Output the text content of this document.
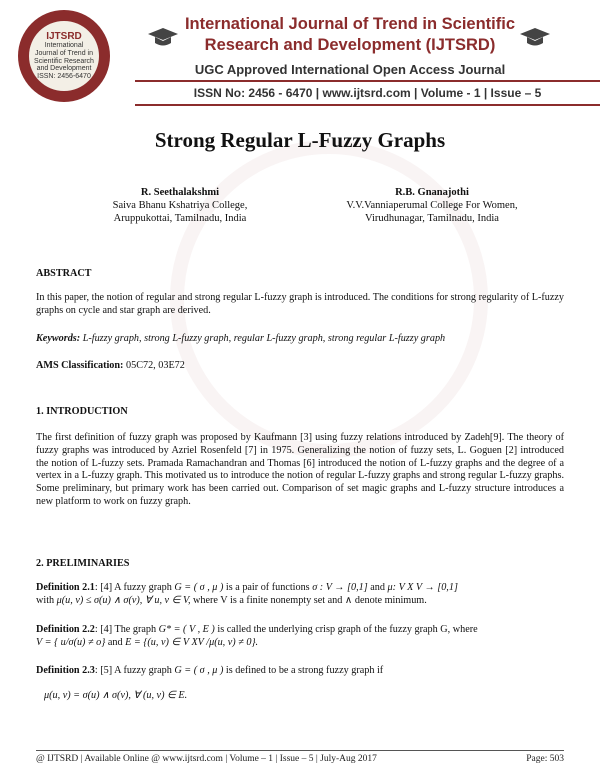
IJTSRD
International Journal of Trend in Scientific Research and Development
ISSN: 2456-6470
International Journal of Trend in Scientific Research and Development (IJTSRD)
UGC Approved International Open Access Journal
ISSN No: 2456 - 6470 | www.ijtsrd.com | Volume - 1 | Issue – 5
Strong Regular L-Fuzzy Graphs
R. Seethalakshmi
Saiva Bhanu Kshatriya College,
Aruppukottai, Tamilnadu, India
R.B. Gnanajothi
V.V.Vanniaperumal College For Women,
Virudhunagar, Tamilnadu, India
ABSTRACT
In this paper, the notion of regular and strong regular L-fuzzy graph is introduced. The conditions for strong regularity of L-fuzzy graphs on cycle and star graph are derived.
Keywords: L-fuzzy graph, strong L-fuzzy graph, regular L-fuzzy graph, strong regular L-fuzzy graph
AMS Classification: 05C72, 03E72
1. INTRODUCTION
The first definition of fuzzy graph was proposed by Kaufmann [3] using fuzzy relations introduced by Zadeh[9]. The theory of fuzzy graphs was introduced by Azriel Rosenfeld [7] in 1975. Generalizing the notion of fuzzy sets, L. Goguen [2] introduced the notion of L-fuzzy sets. Pramada Ramachandran and Thomas [6] introduced the notion of L-fuzzy graphs and the degree of a vertex in a L-fuzzy graph. This motivated us to introduce the notion of regular L-fuzzy graphs and strong regular L-fuzzy graphs. Some preliminary, but primary work has been carried out. Comparison of set magic graphs and L-fuzzy structure introduces a new platform to work on fuzzy graph.
2. PRELIMINARIES
Definition 2.1: [4] A fuzzy graph G = ( σ , μ ) is a pair of functions σ : V → [0,1] and μ: V X V → [0,1]
with μ(u, v) ≤ σ(u) ∧ σ(v), ∀ u, v ∈ V, where V is a finite nonempty set and ∧ denote minimum.
Definition 2.2: [4] The graph G* = ( V , E ) is called the underlying crisp graph of the fuzzy graph G, where
V = { u/σ(u) ≠ o} and E = {(u, v) ∈ V XV /μ(u, v) ≠ 0}.
Definition 2.3: [5] A fuzzy graph G = ( σ , μ ) is defined to be a strong fuzzy graph if
μ(u, v) = σ(u) ∧ σ(v), ∀ (u, v) ∈ E.
@ IJTSRD | Available Online @ www.ijtsrd.com | Volume – 1 | Issue – 5 | July-Aug 2017	Page: 503
